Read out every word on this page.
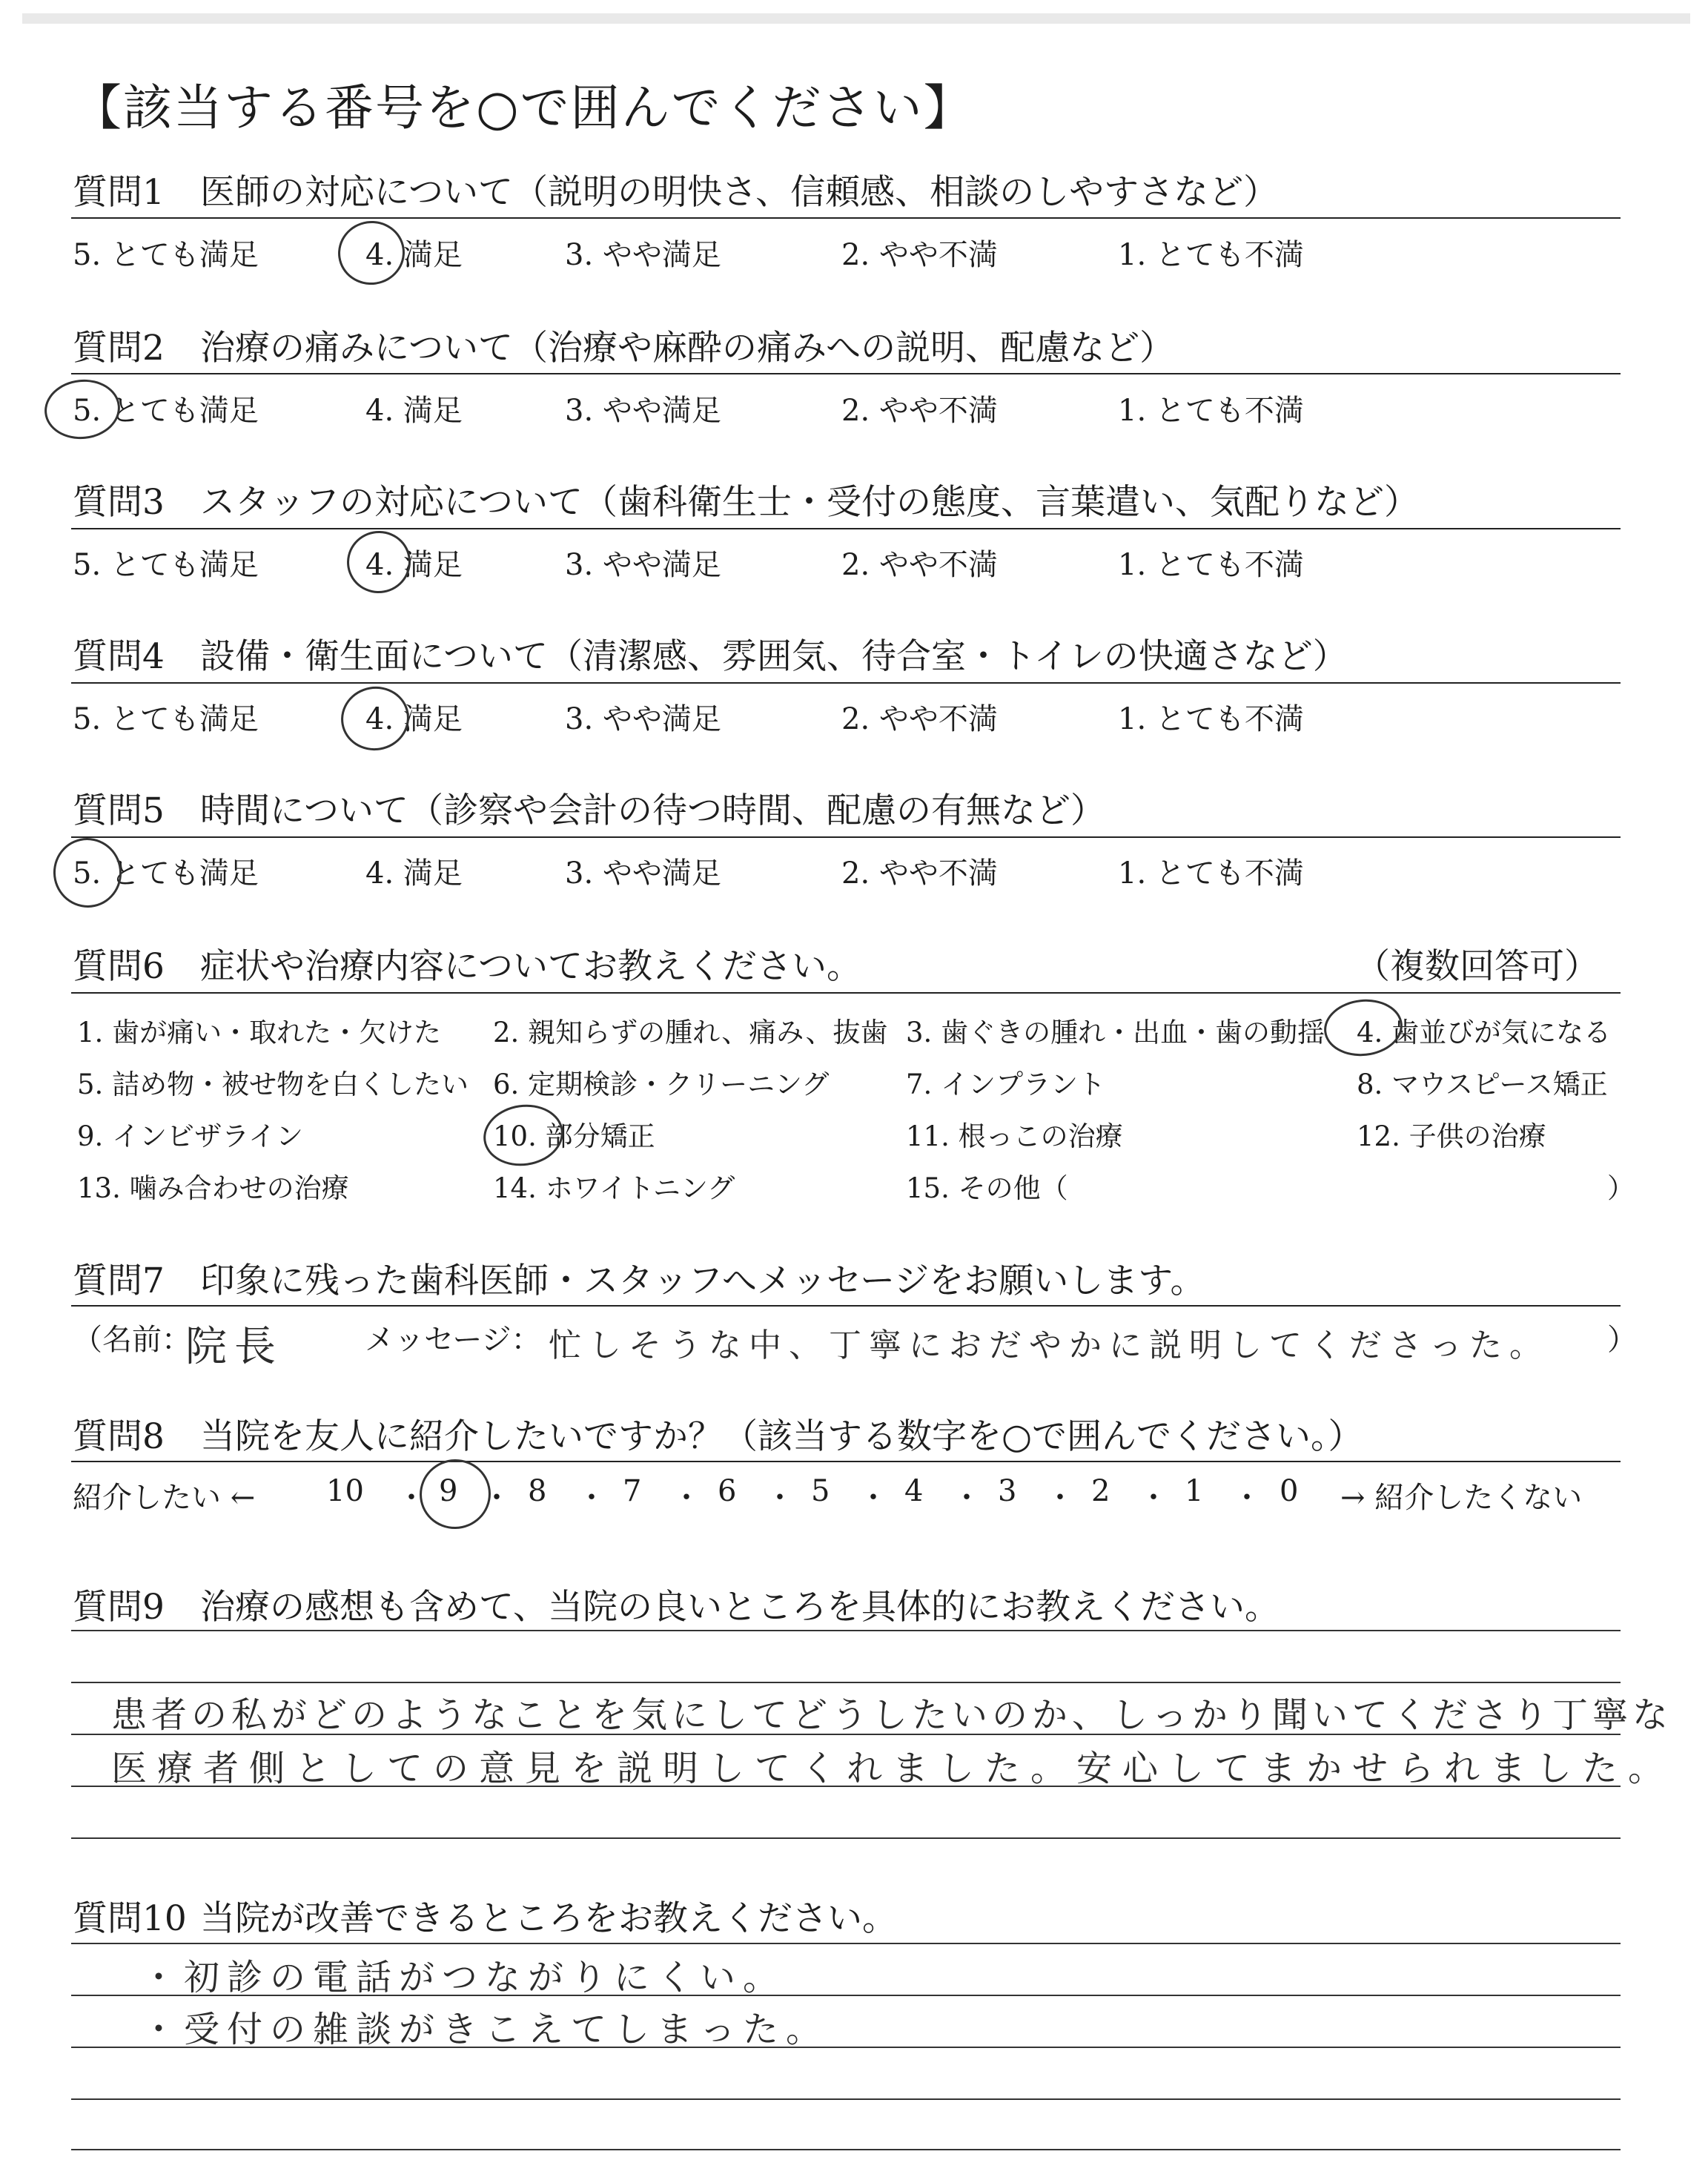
【該当する番号を○で囲んでください】
質問1 医師の対応について（説明の明快さ、信頼感、相談のしやすさなど）
5. とても満足	4. 満足	3. やや満足	2. やや不満	1. とても不満
質問2 治療の痛みについて（治療や麻酔の痛みへの説明、配慮など）
5. とても満足	4. 満足	3. やや満足	2. やや不満	1. とても不満
質問3 スタッフの対応について（歯科衛生士・受付の態度、言葉遣い、気配りなど）
5. とても満足	4. 満足	3. やや満足	2. やや不満	1. とても不満
質問4 設備・衛生面について（清潔感、雰囲気、待合室・トイレの快適さなど）
5. とても満足	4. 満足	3. やや満足	2. やや不満	1. とても不満
質問5 時間について（診察や会計の待つ時間、配慮の有無など）
5. とても満足	4. 満足	3. やや満足	2. やや不満	1. とても不満
質問6 症状や治療内容についてお教えください。	（複数回答可）
1. 歯が痛い・取れた・欠けた 2. 親知らずの腫れ、痛み、抜歯 3. 歯ぐきの腫れ・出血・歯の動揺 4. 歯並びが気になる
5. 詰め物・被せ物を白くしたい 6. 定期検診・クリーニング	7. インプラント	8. マウスピース矯正
9. インビザライン	10. 部分矯正	11. 根っこの治療	12. 子供の治療
13. 噛み合わせの治療	14. ホワイトニング	15. その他（	）
質問7 印象に残った歯科医師・スタッフへメッセージをお願いします。
（名前：
院長	メッセージ： 忙しそうな中、丁寧におだやかに説明してくださった。 ）
質問8 当院を友人に紹介したいですか？（該当する数字を○で囲んでください。）
紹介したい ← 10 ・ 9 ・ 8 ・ 7 ・ 6 ・ 5 ・ 4 ・ 3 ・ 2 ・ 1 ・ 0 → 紹介したくない
質問9 治療の感想も含めて、当院の良いところを具体的にお教えください。
患者の私がどのようなことを気にしてどうしたいのか、しっかり聞いてくださり丁寧な
医療者側としての意見を説明してくれました。安心してまかせられました。
質問10 当院が改善できるところをお教えください。
・初診の電話がつながりにくい。
・受付の雑談がきこえてしまった。
